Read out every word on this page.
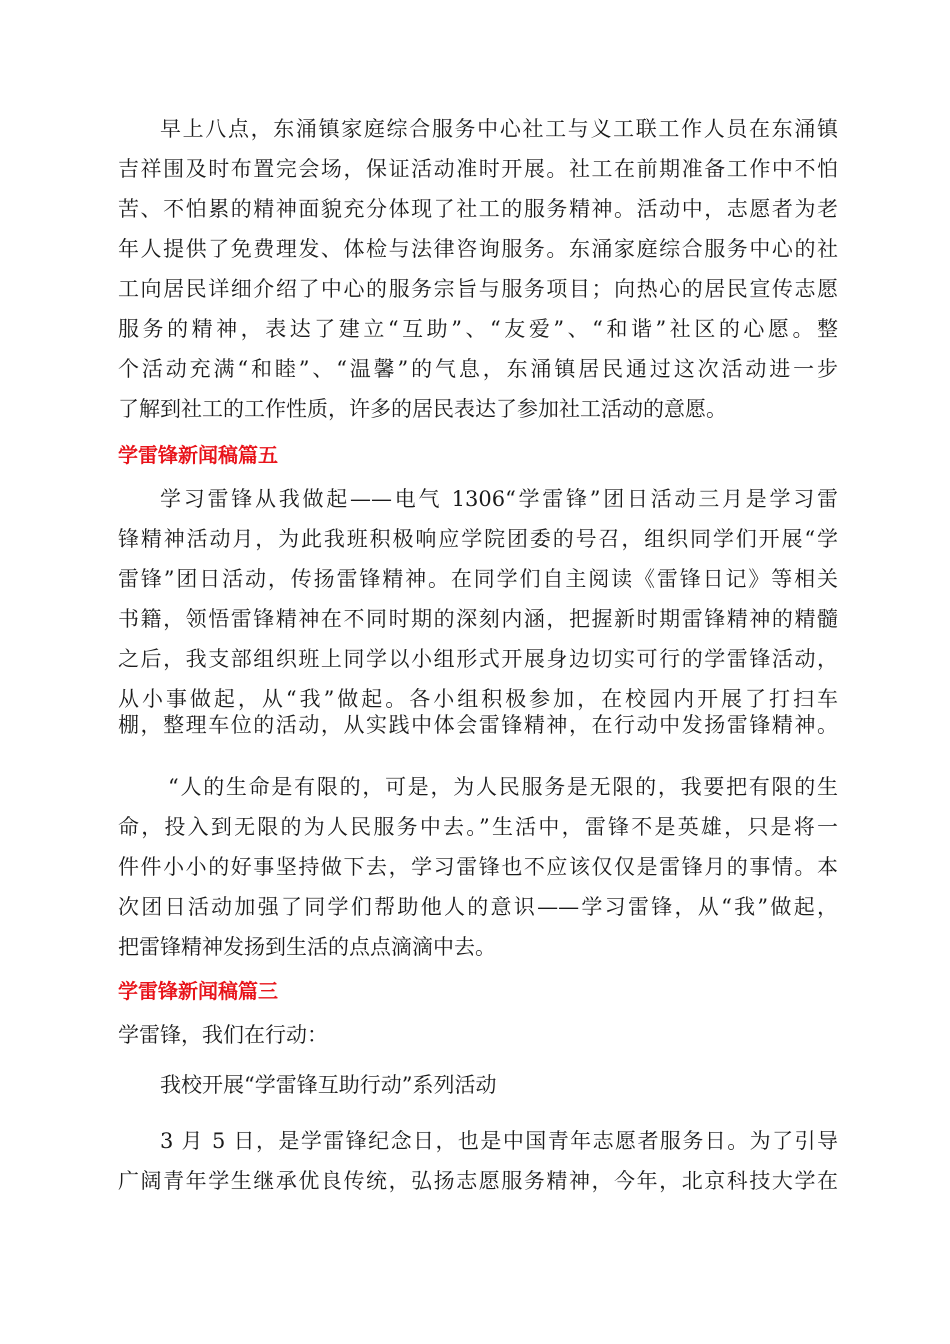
早上八点，东涌镇家庭综合服务中心社工与义工联工作人员在东涌镇
吉祥围及时布置完会场，保证活动准时开展。社工在前期准备工作中不怕
苦、不怕累的精神面貌充分体现了社工的服务精神。活动中，志愿者为老
年人提供了免费理发、体检与法律咨询服务。东涌家庭综合服务中心的社
工向居民详细介绍了中心的服务宗旨与服务项目；向热心的居民宣传志愿
服务的精神，表达了建立“互助”、“友爱”、“和谐”社区的心愿。整
个活动充满“和睦”、“温馨”的气息，东涌镇居民通过这次活动进一步
了解到社工的工作性质，许多的居民表达了参加社工活动的意愿。
学雷锋新闻稿篇五
学习雷锋从我做起——电气 1306“学雷锋”团日活动三月是学习雷
锋精神活动月，为此我班积极响应学院团委的号召，组织同学们开展“学
雷锋”团日活动，传扬雷锋精神。在同学们自主阅读《雷锋日记》等相关
书籍，领悟雷锋精神在不同时期的深刻内涵，把握新时期雷锋精神的精髓
之后，我支部组织班上同学以小组形式开展身边切实可行的学雷锋活动，
从小事做起，从“我”做起。各小组积极参加，在校园内开展了打扫车
棚，整理车位的活动，从实践中体会雷锋精神，在行动中发扬雷锋精神。
“人的生命是有限的，可是，为人民服务是无限的，我要把有限的生
命，投入到无限的为人民服务中去。”生活中，雷锋不是英雄，只是将一
件件小小的好事坚持做下去，学习雷锋也不应该仅仅是雷锋月的事情。本
次团日活动加强了同学们帮助他人的意识——学习雷锋，从“我”做起，
把雷锋精神发扬到生活的点点滴滴中去。
学雷锋新闻稿篇三
学雷锋，我们在行动：
我校开展“学雷锋互助行动”系列活动
3 月 5 日，是学雷锋纪念日，也是中国青年志愿者服务日。为了引导
广阔青年学生继承优良传统，弘扬志愿服务精神，今年，北京科技大学在
